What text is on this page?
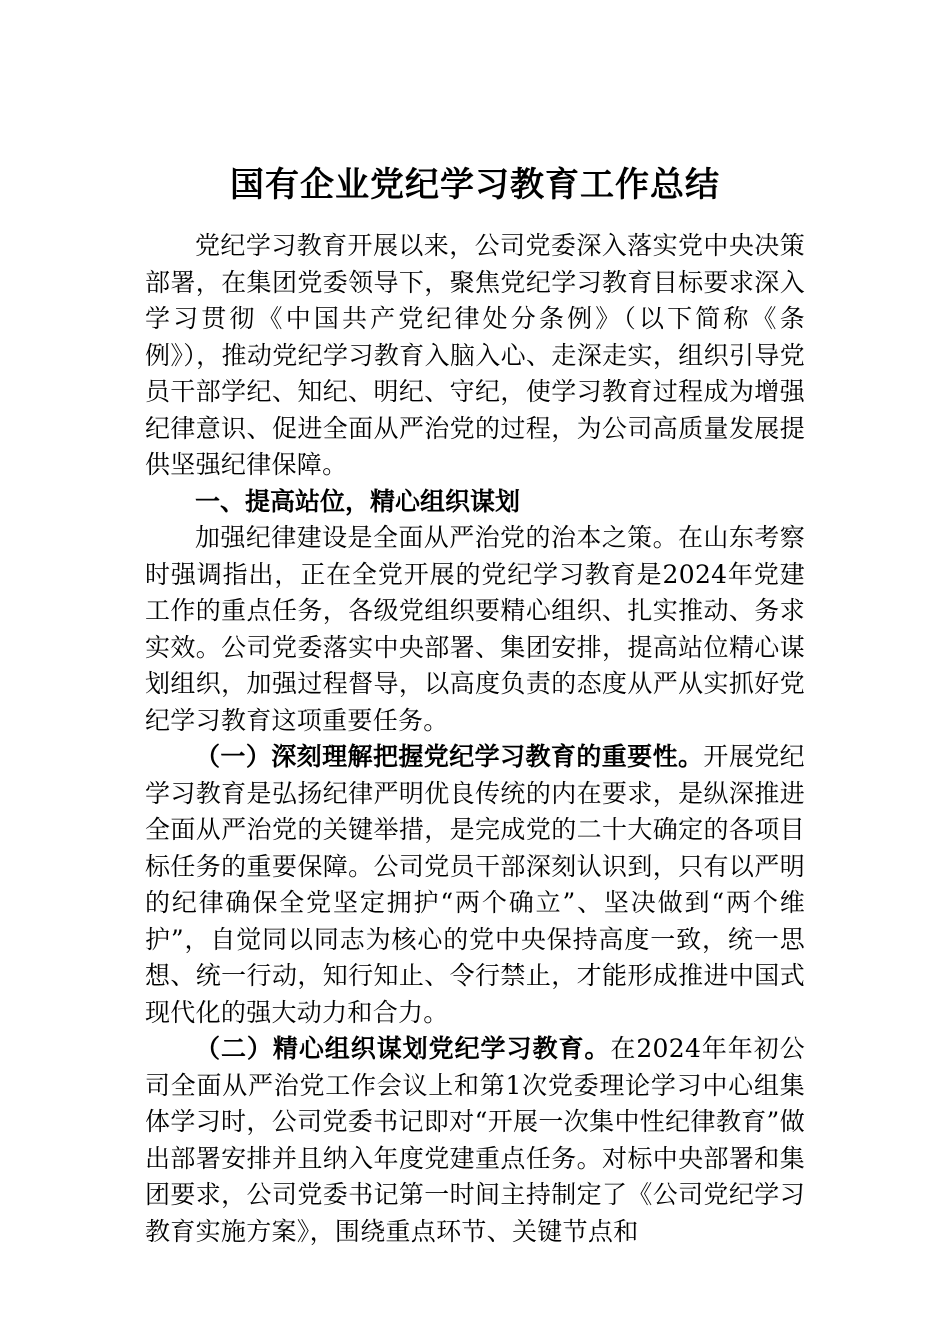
国有企业党纪学习教育工作总结

党纪学习教育开展以来，公司党委深入落实党中央决策部署，在集团党委领导下，聚焦党纪学习教育目标要求深入学习贯彻《中国共产党纪律处分条例》（以下简称《条例》），推动党纪学习教育入脑入心、走深走实，组织引导党员干部学纪、知纪、明纪、守纪，使学习教育过程成为增强纪律意识、促进全面从严治党的过程，为公司高质量发展提供坚强纪律保障。

一、提高站位，精心组织谋划

加强纪律建设是全面从严治党的治本之策。在山东考察时强调指出，正在全党开展的党纪学习教育是2024年党建工作的重点任务，各级党组织要精心组织、扎实推动、务求实效。公司党委落实中央部署、集团安排，提高站位精心谋划组织，加强过程督导，以高度负责的态度从严从实抓好党纪学习教育这项重要任务。

（一）深刻理解把握党纪学习教育的重要性。开展党纪学习教育是弘扬纪律严明优良传统的内在要求，是纵深推进全面从严治党的关键举措，是完成党的二十大确定的各项目标任务的重要保障。公司党员干部深刻认识到，只有以严明的纪律确保全党坚定拥护“两个确立”、坚决做到“两个维护”，自觉同以同志为核心的党中央保持高度一致，统一思想、统一行动，知行知止、令行禁止，才能形成推进中国式现代化的强大动力和合力。

（二）精心组织谋划党纪学习教育。在2024年年初公司全面从严治党工作会议上和第1次党委理论学习中心组集体学习时，公司党委书记即对“开展一次集中性纪律教育”做出部署安排并且纳入年度党建重点任务。对标中央部署和集团要求，公司党委书记第一时间主持制定了《公司党纪学习教育实施方案》，围绕重点环节、关键节点和
